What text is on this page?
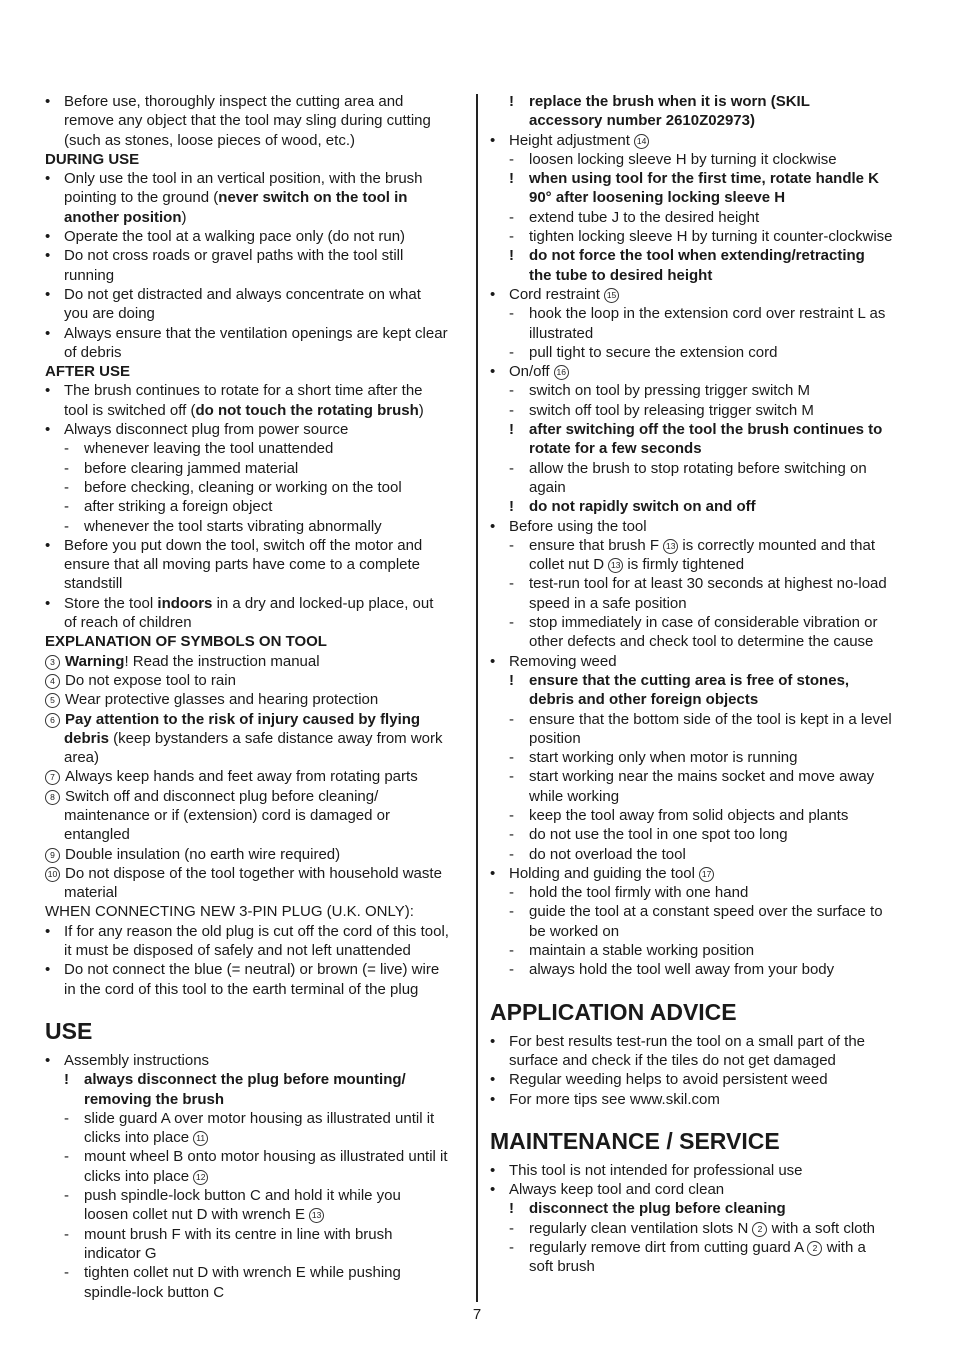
• Before use, thoroughly inspect the cutting area and
remove any object that the tool may sling during cutting
(such as stones, loose pieces of wood, etc.)
DURING USE
• Only use the tool in an vertical position, with the brush
pointing to the ground (never switch on the tool in
another position)
• Operate the tool at a walking pace only (do not run)
• Do not cross roads or gravel paths with the tool still
running
• Do not get distracted and always concentrate on what
you are doing
• Always ensure that the ventilation openings are kept clear
of debris
AFTER USE
• The brush continues to rotate for a short time after the
tool is switched off (do not touch the rotating brush)
• Always disconnect plug from power source
- whenever leaving the tool unattended
- before clearing jammed material
- before checking, cleaning or working on the tool
- after striking a foreign object
- whenever the tool starts vibrating abnormally
• Before you put down the tool, switch off the motor and
ensure that all moving parts have come to a complete
standstill
• Store the tool indoors in a dry and locked-up place, out
of reach of children
EXPLANATION OF SYMBOLS ON TOOL
3 Warning! Read the instruction manual
4 Do not expose tool to rain
5 Wear protective glasses and hearing protection
6 Pay attention to the risk of injury caused by flying
debris (keep bystanders a safe distance away from work
area)
7 Always keep hands and feet away from rotating parts
8 Switch off and disconnect plug before cleaning/
maintenance or if (extension) cord is damaged or
entangled
9 Double insulation (no earth wire required)
10 Do not dispose of the tool together with household waste
material
WHEN CONNECTING NEW 3-PIN PLUG (U.K. ONLY):
• If for any reason the old plug is cut off the cord of this tool,
it must be disposed of safely and not left unattended
• Do not connect the blue (= neutral) or brown (= live) wire
in the cord of this tool to the earth terminal of the plug
USE
• Assembly instructions
! always disconnect the plug before mounting/
removing the brush
- slide guard A over motor housing as illustrated until it
clicks into place 11
- mount wheel B onto motor housing as illustrated until it
clicks into place 12
- push spindle-lock button C and hold it while you
loosen collet nut D with wrench E 13
- mount brush F with its centre in line with brush
indicator G
- tighten collet nut D with wrench E while pushing
spindle-lock button C
! replace the brush when it is worn (SKIL
accessory number 2610Z02973)
• Height adjustment 14
- loosen locking sleeve H by turning it clockwise
! when using tool for the first time, rotate handle K
90° after loosening locking sleeve H
- extend tube J to the desired height
- tighten locking sleeve H by turning it counter-clockwise
! do not force the tool when extending/retracting
the tube to desired height
• Cord restraint 15
- hook the loop in the extension cord over restraint L as
illustrated
- pull tight to secure the extension cord
• On/off 16
- switch on tool by pressing trigger switch M
- switch off tool by releasing trigger switch M
! after switching off the tool the brush continues to
rotate for a few seconds
- allow the brush to stop rotating before switching on
again
! do not rapidly switch on and off
• Before using the tool
- ensure that brush F 13 is correctly mounted and that
collet nut D 13 is firmly tightened
- test-run tool for at least 30 seconds at highest no-load
speed in a safe position
- stop immediately in case of considerable vibration or
other defects and check tool to determine the cause
• Removing weed
! ensure that the cutting area is free of stones,
debris and other foreign objects
- ensure that the bottom side of the tool is kept in a level
position
- start working only when motor is running
- start working near the mains socket and move away
while working
- keep the tool away from solid objects and plants
- do not use the tool in one spot too long
- do not overload the tool
• Holding and guiding the tool 17
- hold the tool firmly with one hand
- guide the tool at a constant speed over the surface to
be worked on
- maintain a stable working position
- always hold the tool well away from your body
APPLICATION ADVICE
• For best results test-run the tool on a small part of the
surface and check if the tiles do not get damaged
• Regular weeding helps to avoid persistent weed
• For more tips see www.skil.com
MAINTENANCE / SERVICE
• This tool is not intended for professional use
• Always keep tool and cord clean
! disconnect the plug before cleaning
- regularly clean ventilation slots N 2 with a soft cloth
- regularly remove dirt from cutting guard A 2 with a
soft brush
7
